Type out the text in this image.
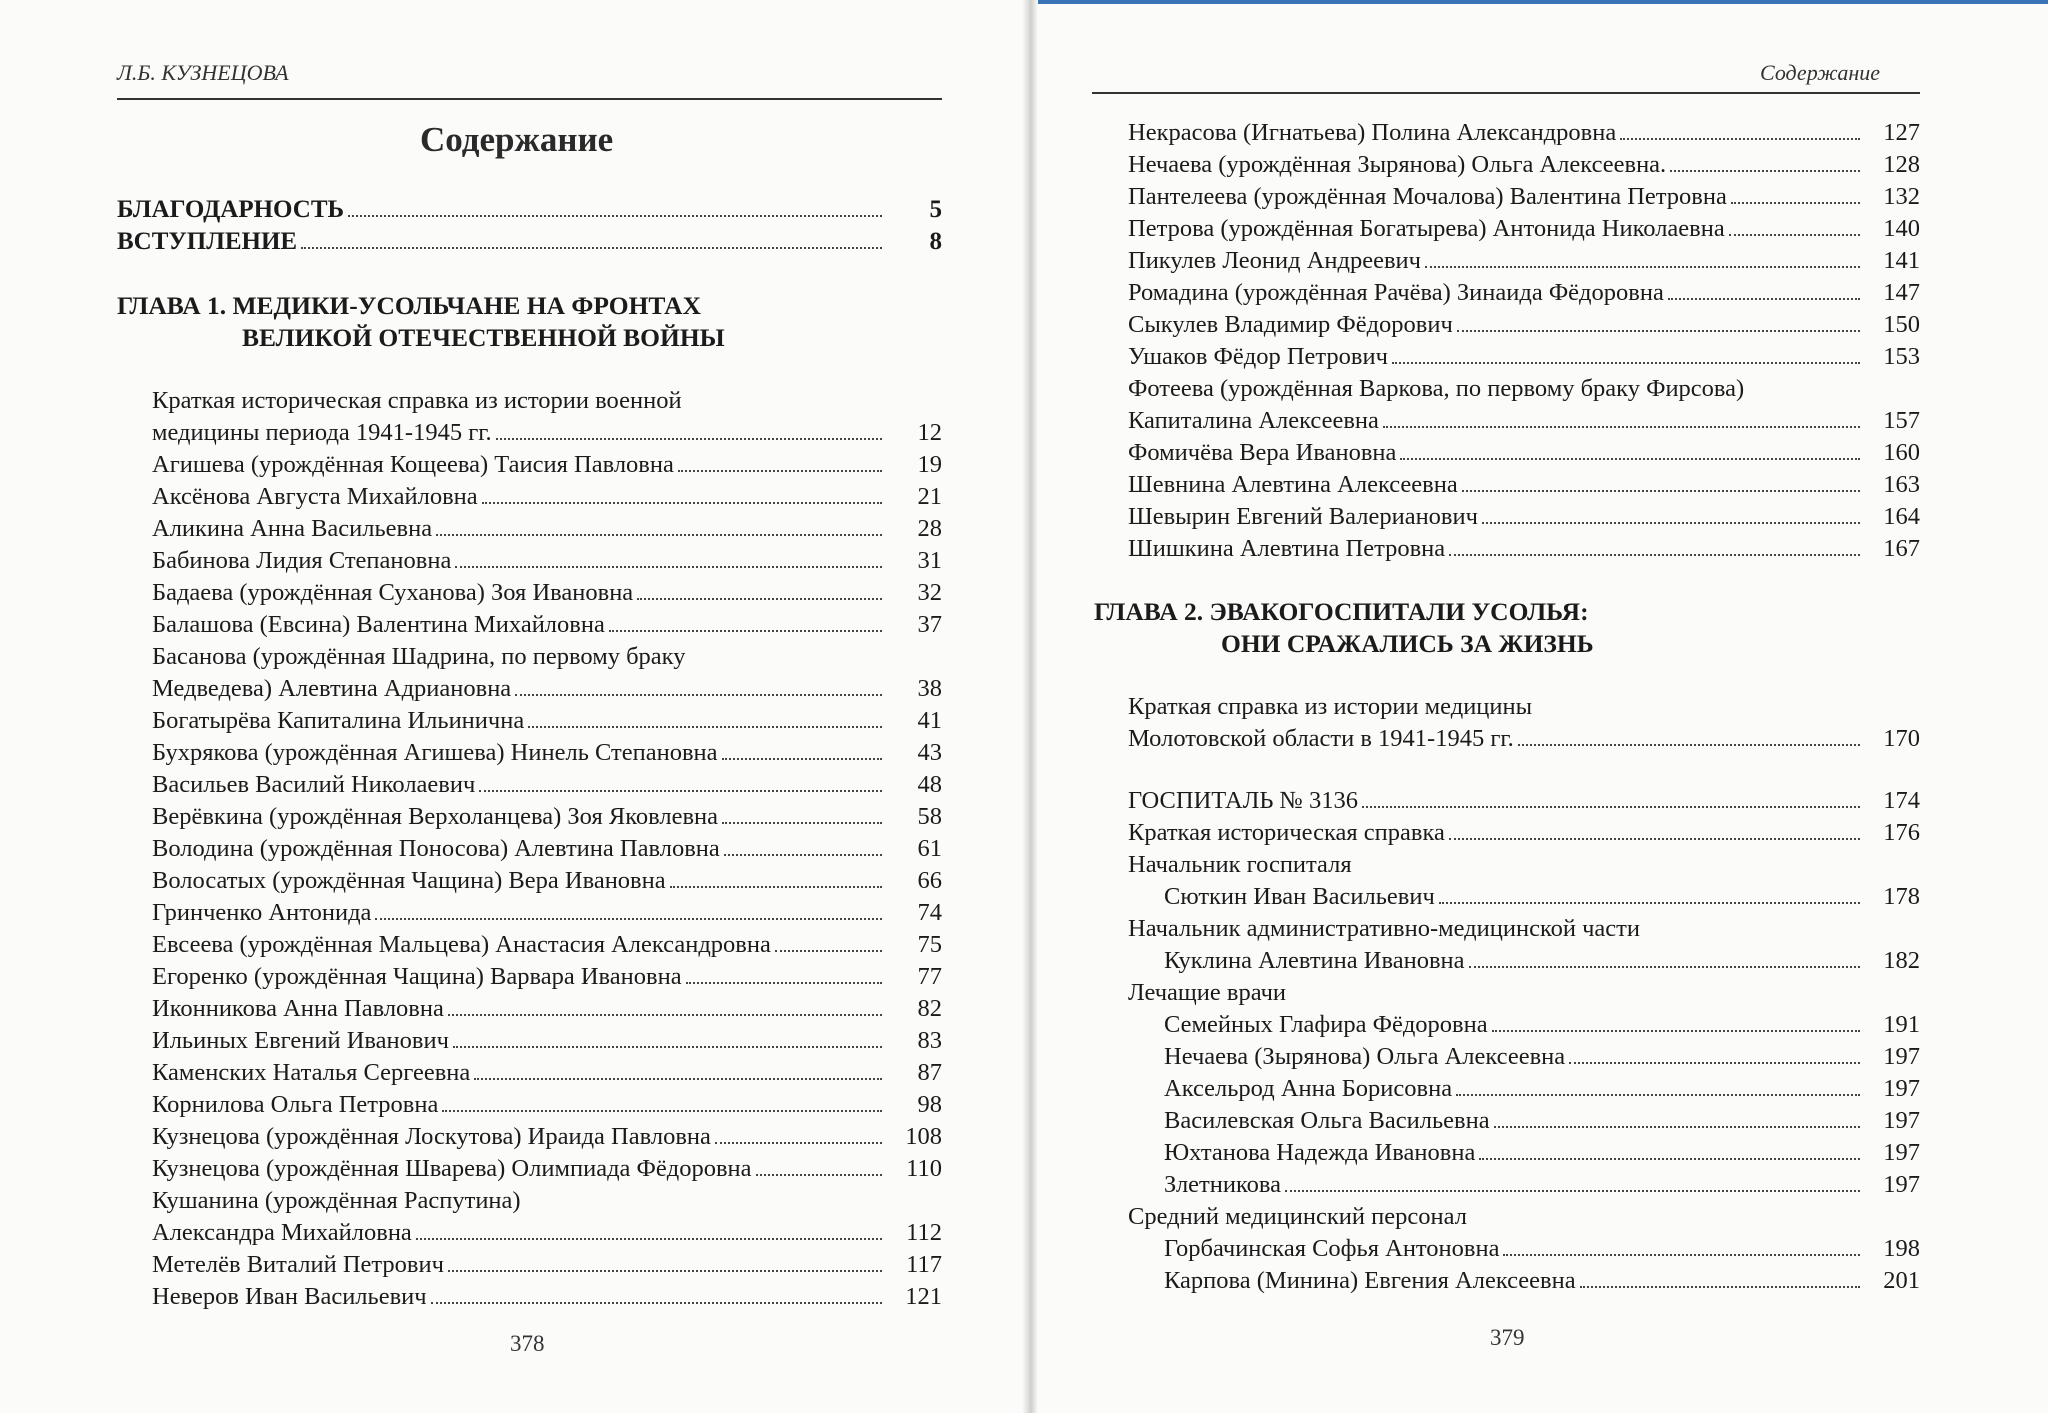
Л.Б. КУЗНЕЦОВА
Содержание
БЛАГОДАРНОСТЬ	5
ВСТУПЛЕНИЕ	8
ГЛАВА 1. МЕДИКИ-УСОЛЬЧАНЕ НА ФРОНТАХ
ВЕЛИКОЙ ОТЕЧЕСТВЕННОЙ ВОЙНЫ
Краткая историческая справка из истории военной
медицины периода 1941-1945 гг.	12
Агишева (урождённая Кощеева) Таисия Павловна	19
Аксёнова Августа Михайловна	21
Аликина Анна Васильевна	28
Бабинова Лидия Степановна	31
Бадаева (урождённая Суханова) Зоя Ивановна	32
Балашова (Евсина) Валентина Михайловна	37
Басанова (урождённая Шадрина, по первому браку
Медведева) Алевтина Адриановна	38
Богатырёва Капиталина Ильинична	41
Бухрякова (урождённая Агишева) Нинель Степановна	43
Васильев Василий Николаевич	48
Верёвкина (урождённая Верхоланцева) Зоя Яковлевна	58
Володина (урождённая Поносова) Алевтина Павловна	61
Волосатых (урождённая Чащина) Вера Ивановна	66
Гринченко Антонида	74
Евсеева (урождённая Мальцева) Анастасия Александровна	75
Егоренко (урождённая Чащина) Варвара Ивановна	77
Иконникова Анна Павловна	82
Ильиных Евгений Иванович	83
Каменских Наталья Сергеевна	87
Корнилова Ольга Петровна	98
Кузнецова (урождённая Лоскутова) Ираида Павловна	108
Кузнецова (урождённая Шварева) Олимпиада Фёдоровна	110
Кушанина (урождённая Распутина)
Александра Михайловна	112
Метелёв Виталий Петрович	117
Неверов Иван Васильевич	121
378
Содержание
Некрасова (Игнатьева) Полина Александровна	127
Нечаева (урождённая Зырянова) Ольга Алексеевна.	128
Пантелеева (урождённая Мочалова) Валентина Петровна	132
Петрова (урождённая Богатырева) Антонида Николаевна	140
Пикулев Леонид Андреевич	141
Ромадина (урождённая Рачёва) Зинаида Фёдоровна	147
Сыкулев Владимир Фёдорович	150
Ушаков Фёдор Петрович	153
Фотеева (урождённая Варкова, по первому браку Фирсова)
Капиталина Алексеевна	157
Фомичёва Вера Ивановна	160
Шевнина Алевтина Алексеевна	163
Шевырин Евгений Валерианович	164
Шишкина Алевтина Петровна	167
ГЛАВА 2. ЭВАКОГОСПИТАЛИ УСОЛЬЯ:
ОНИ СРАЖАЛИСЬ ЗА ЖИЗНЬ
Краткая справка из истории медицины
Молотовской области в 1941-1945 гг.	170
ГОСПИТАЛЬ № 3136	174
Краткая историческая справка	176
Начальник госпиталя
Сюткин Иван Васильевич	178
Начальник административно-медицинской части
Куклина Алевтина Ивановна	182
Лечащие врачи
Семейных Глафира Фёдоровна	191
Нечаева (Зырянова) Ольга Алексеевна	197
Аксельрод Анна Борисовна	197
Василевская Ольга Васильевна	197
Юхтанова Надежда Ивановна	197
Злетникова	197
Средний медицинский персонал
Горбачинская Софья Антоновна	198
Карпова (Минина) Евгения Алексеевна	201
379
